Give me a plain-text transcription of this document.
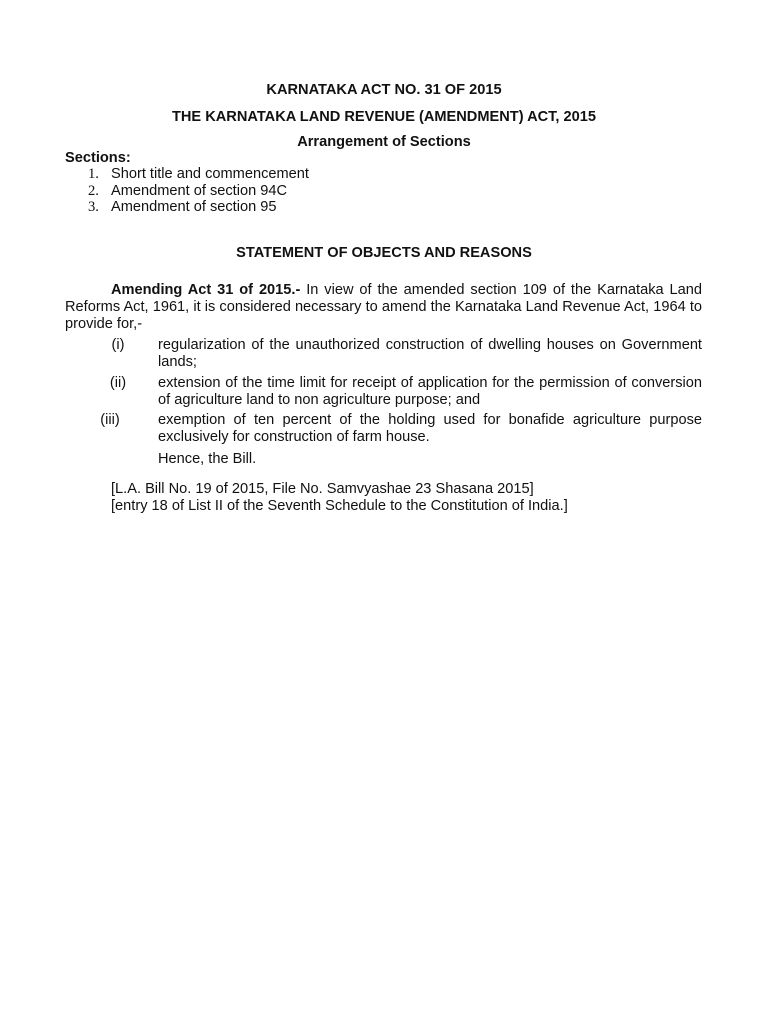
KARNATAKA ACT NO. 31 OF 2015
THE KARNATAKA LAND REVENUE (AMENDMENT) ACT, 2015
Arrangement of Sections
Sections:
1. Short title and commencement
2. Amendment of section 94C
3. Amendment of section 95
STATEMENT OF OBJECTS AND REASONS

Amending Act 31 of 2015.- In view of the amended section 109 of the Karnataka Land Reforms Act, 1961, it is considered necessary to amend the Karnataka Land Revenue Act, 1964 to provide for,-

(i)	regularization of the unauthorized construction of dwelling houses on Government lands;

(ii)	extension of the time limit for receipt of application for the permission of conversion of agriculture land to non agriculture purpose; and

(iii)	exemption of ten percent of the holding used for bonafide agriculture purpose exclusively for construction of farm house.

Hence, the Bill.
[L.A. Bill No. 19 of 2015, File No. Samvyashae 23 Shasana 2015]
[entry 18 of List II of the Seventh Schedule to the Constitution of India.]
